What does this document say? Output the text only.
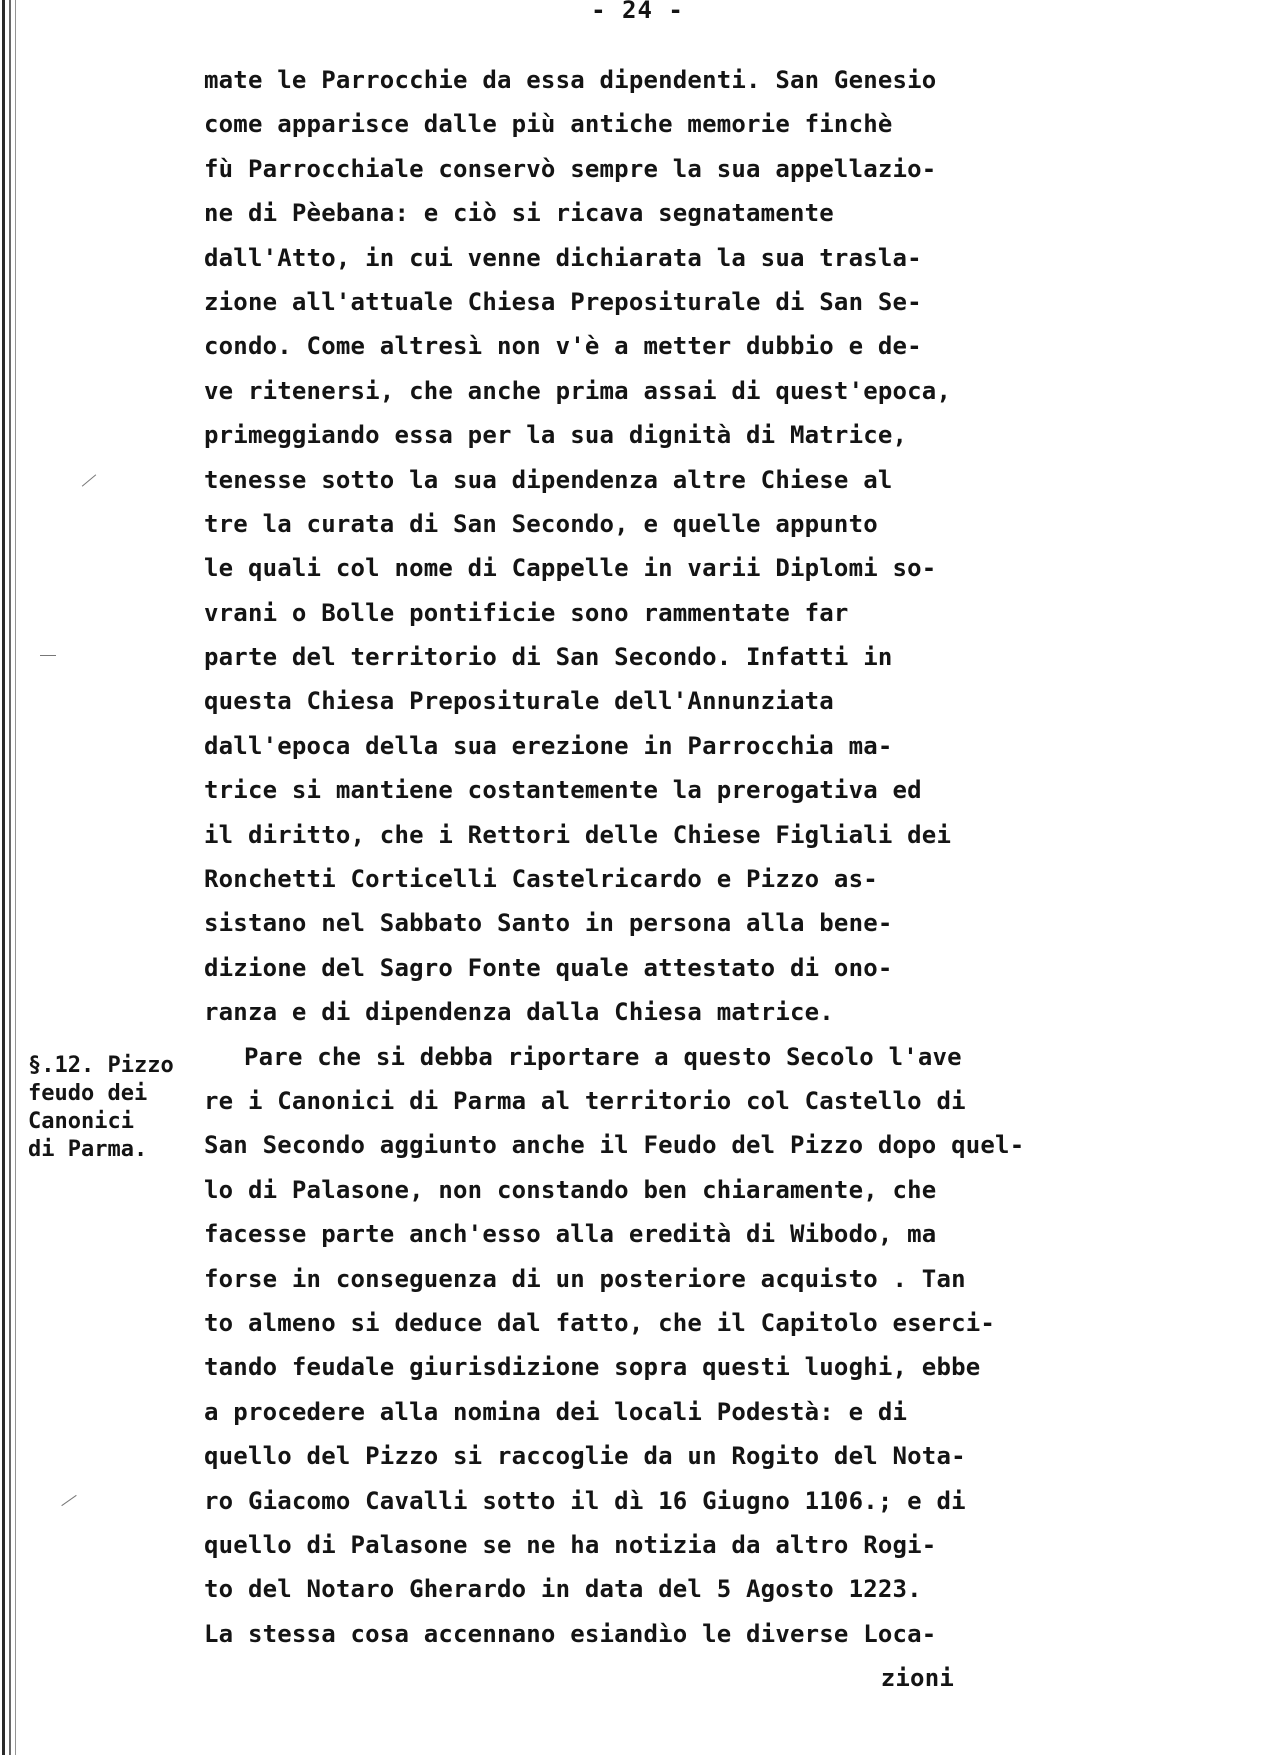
- 24 -
§.12. Pizzo
feudo dei
Canonici
di Parma.
mate le Parrocchie da essa dipendenti. San Genesio
come apparisce dalle più antiche memorie finchè
fù Parrocchiale conservò sempre la sua appellazio-
ne di Pèebana: e ciò si ricava segnatamente
dall'Atto, in cui venne dichiarata la sua trasla-
zione all'attuale Chiesa Prepositurale di San Se-
condo. Come altresì non v'è a metter dubbio e de-
ve ritenersi, che anche prima assai di quest'epoca,
primeggiando essa per la sua dignità di Matrice,
tenesse sotto la sua dipendenza altre Chiese al
tre la curata di San Secondo, e quelle appunto
le quali col nome di Cappelle in varii Diplomi so-
vrani o Bolle pontificie sono rammentate far
parte del territorio di San Secondo. Infatti in
questa Chiesa Prepositurale dell'Annunziata
dall'epoca della sua erezione in Parrocchia ma-
trice si mantiene costantemente la prerogativa ed
il diritto, che i Rettori delle Chiese Figliali dei
Ronchetti Corticelli Castelricardo e Pizzo as-
sistano nel Sabbato Santo in persona alla bene-
dizione del Sagro Fonte quale attestato di ono-
ranza e di dipendenza dalla Chiesa matrice.
Pare che si debba riportare a questo Secolo l'ave
re i Canonici di Parma al territorio col Castello di
San Secondo aggiunto anche il Feudo del Pizzo dopo quel-
lo di Palasone, non constando ben chiaramente, che
facesse parte anch'esso alla eredità di Wibodo, ma
forse in conseguenza di un posteriore acquisto . Tan
to almeno si deduce dal fatto, che il Capitolo eserci-
tando feudale giurisdizione sopra questi luoghi, ebbe
a procedere alla nomina dei locali Podestà: e di
quello del Pizzo si raccoglie da un Rogito del Nota-
ro Giacomo Cavalli sotto il dì 16 Giugno 1106.; e di
quello di Palasone se ne ha notizia da altro Rogi-
to del Notaro Gherardo in data del 5 Agosto 1223.
La stessa cosa accennano esiandìo le diverse Loca-
zioni
